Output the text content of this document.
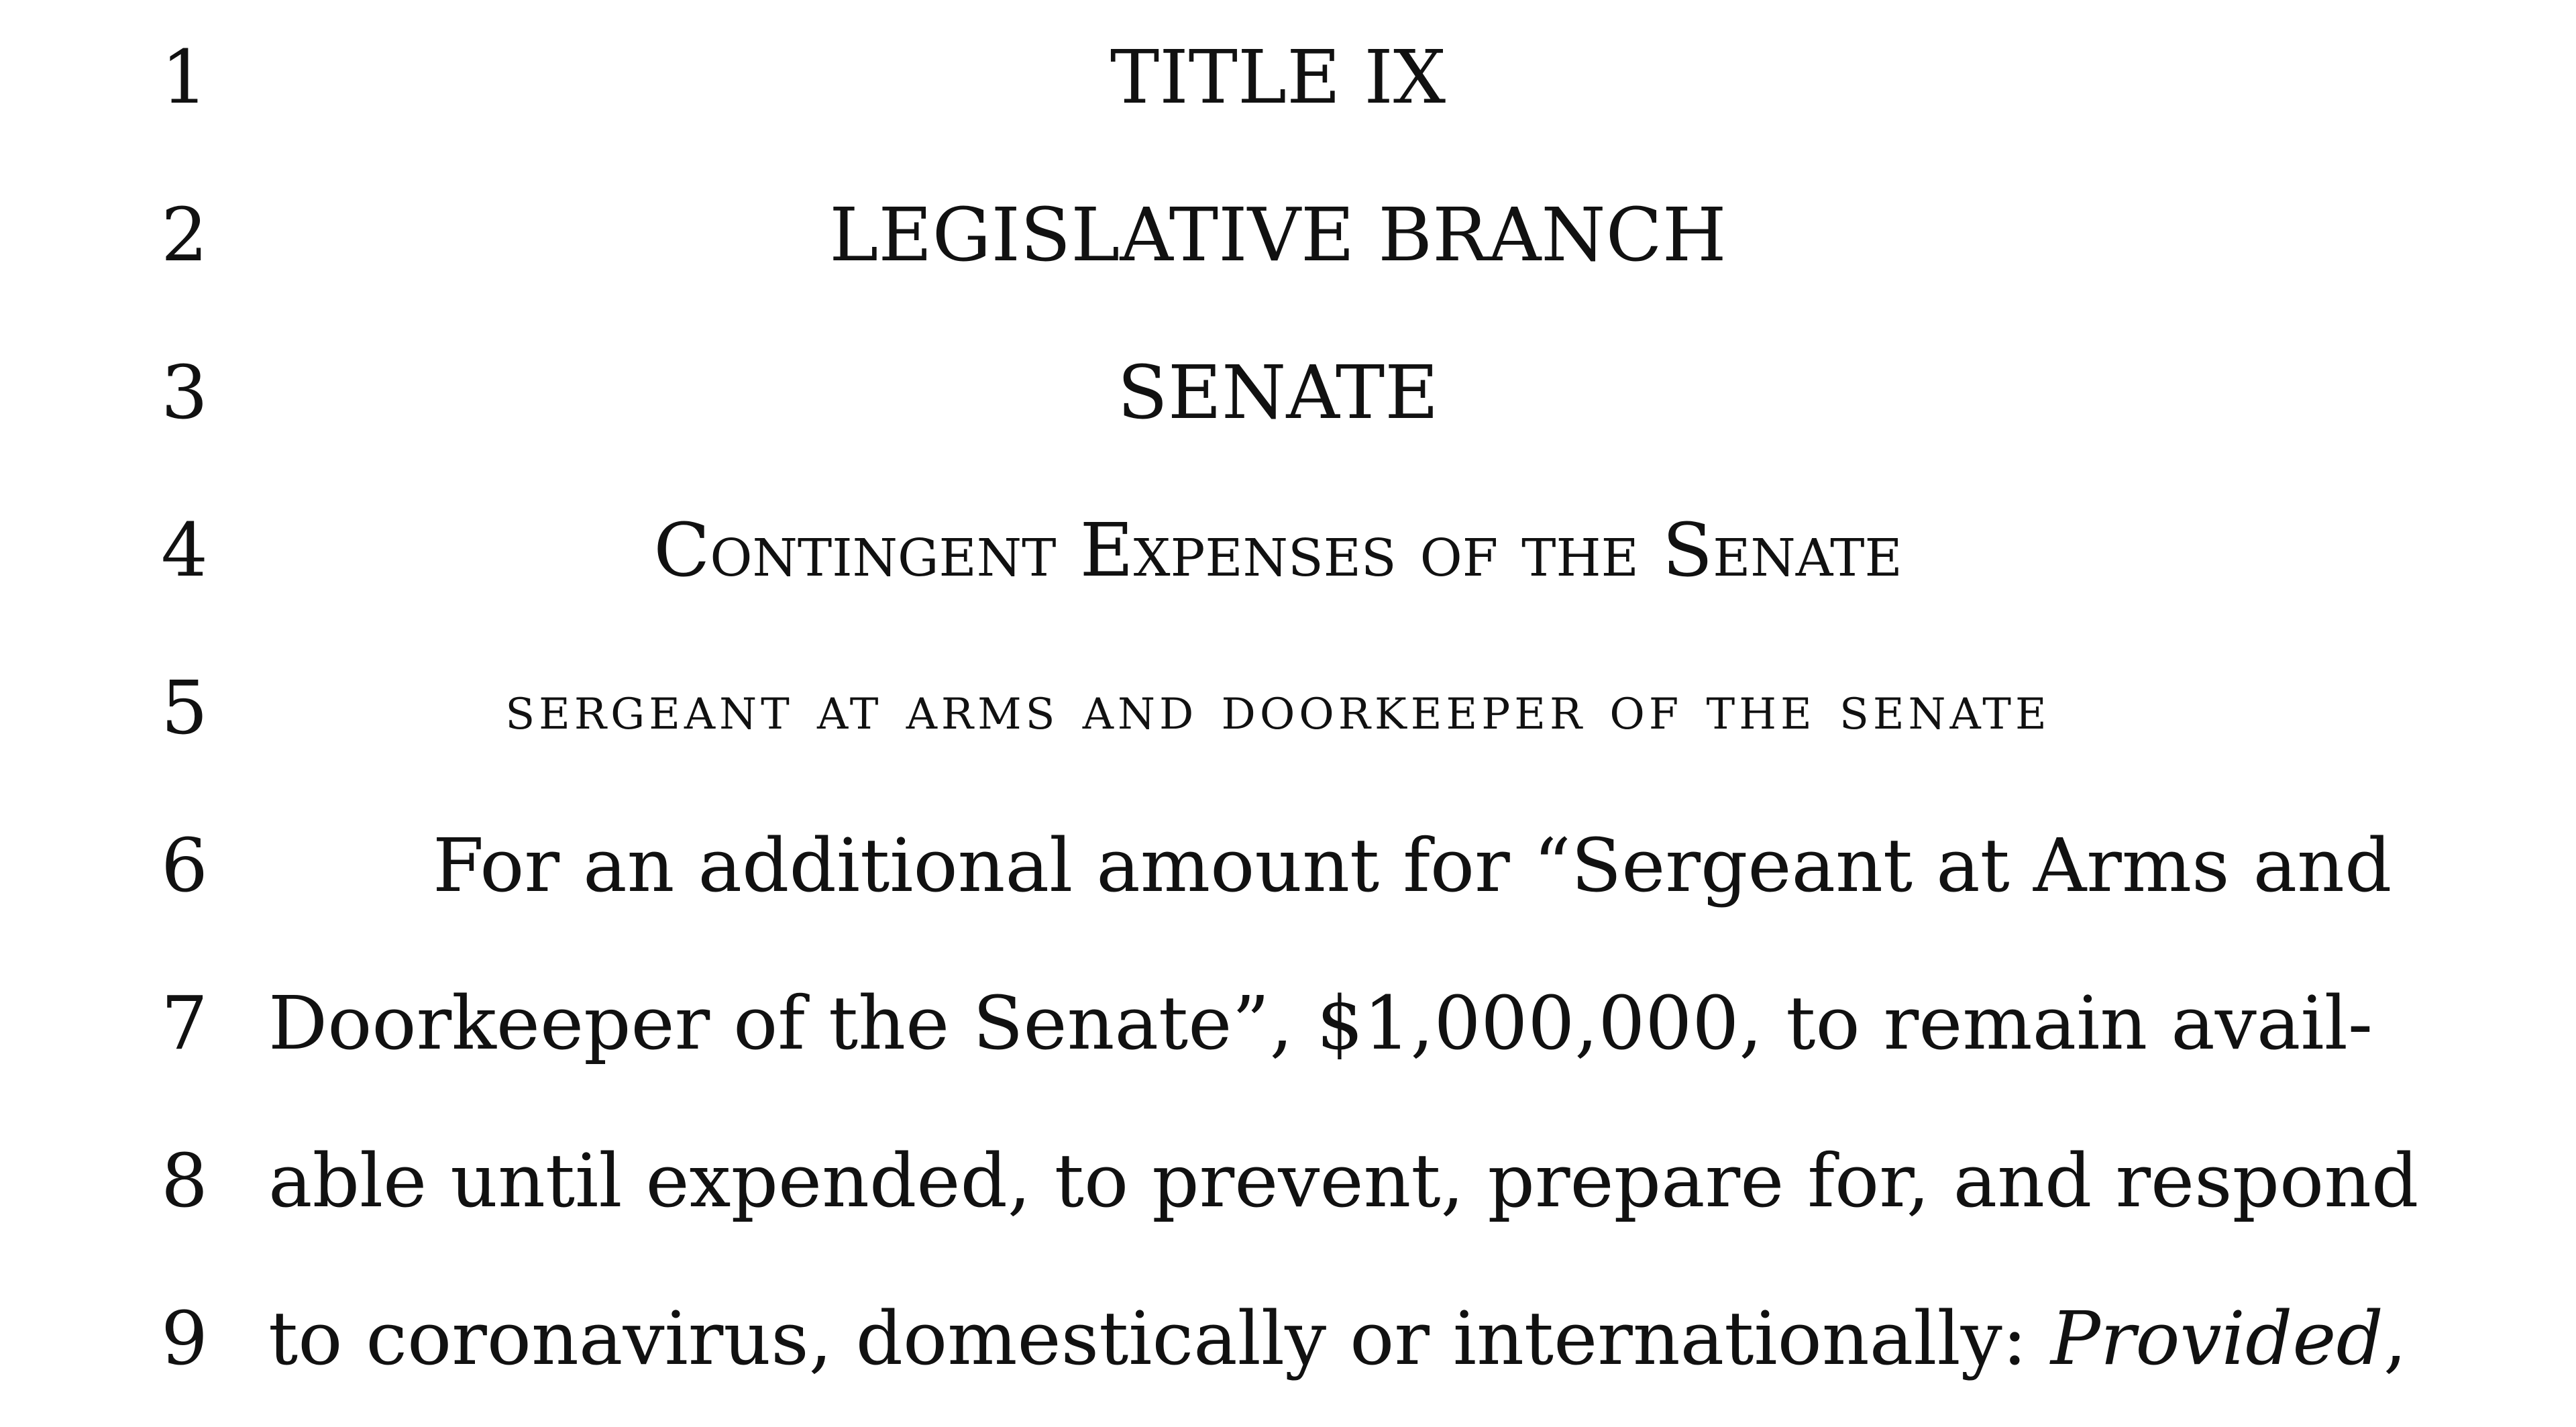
1	TITLE IX
2	LEGISLATIVE BRANCH
3	SENATE
4	Contingent Expenses of the Senate
5	sergeant at arms and doorkeeper of the senate
6	For an additional amount for “Sergeant at Arms and
7 Doorkeeper of the Senate”, $1,000,000, to remain avail-
8 able until expended, to prevent, prepare for, and respond
9 to coronavirus, domestically or internationally: Provided,
